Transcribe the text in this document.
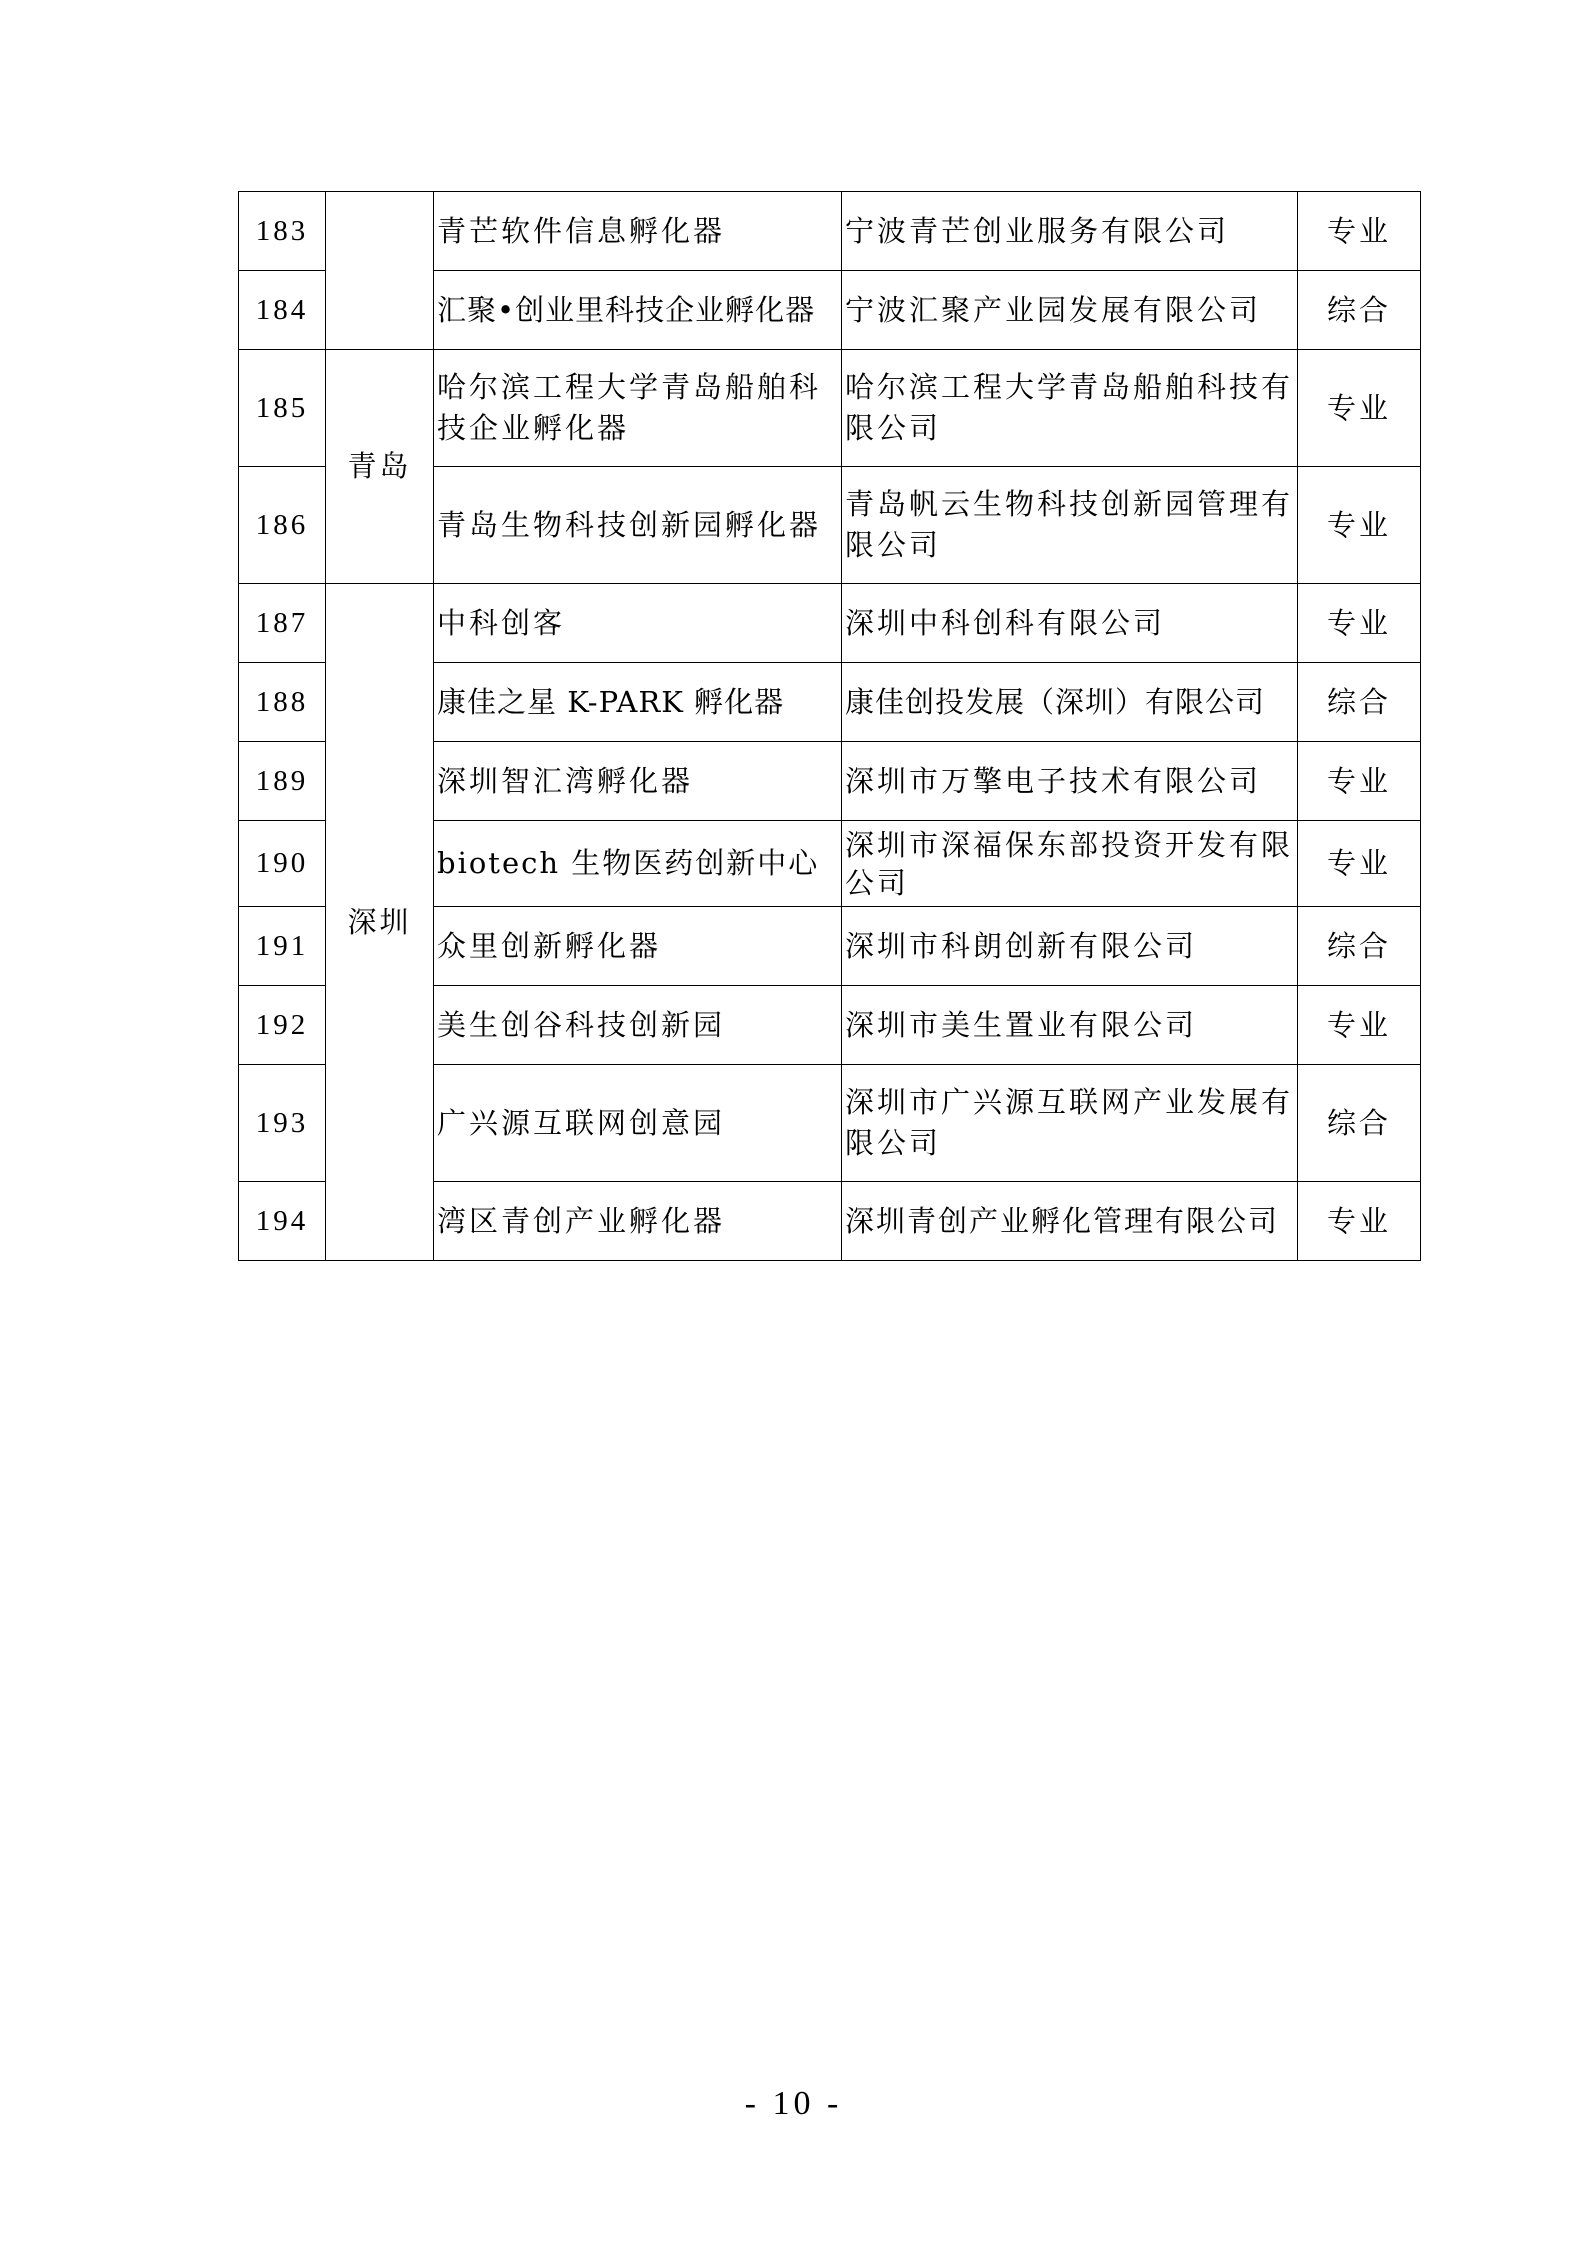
183		青芒软件信息孵化器	宁波青芒创业服务有限公司	专业
184		汇聚•创业里科技企业孵化器	宁波汇聚产业园发展有限公司	综合
185	青岛	哈尔滨工程大学青岛船舶科技企业孵化器	哈尔滨工程大学青岛船舶科技有限公司	专业
186		青岛生物科技创新园孵化器	青岛帆云生物科技创新园管理有限公司	专业
187	深圳	中科创客	深圳中科创科有限公司	专业
188		康佳之星 K-PARK 孵化器	康佳创投发展（深圳）有限公司	综合
189		深圳智汇湾孵化器	深圳市万擎电子技术有限公司	专业
190		biotech 生物医药创新中心	深圳市深福保东部投资开发有限公司	专业
191		众里创新孵化器	深圳市科朗创新有限公司	综合
192		美生创谷科技创新园	深圳市美生置业有限公司	专业
193		广兴源互联网创意园	深圳市广兴源互联网产业发展有限公司	综合
194		湾区青创产业孵化器	深圳青创产业孵化管理有限公司	专业
- 10 -
